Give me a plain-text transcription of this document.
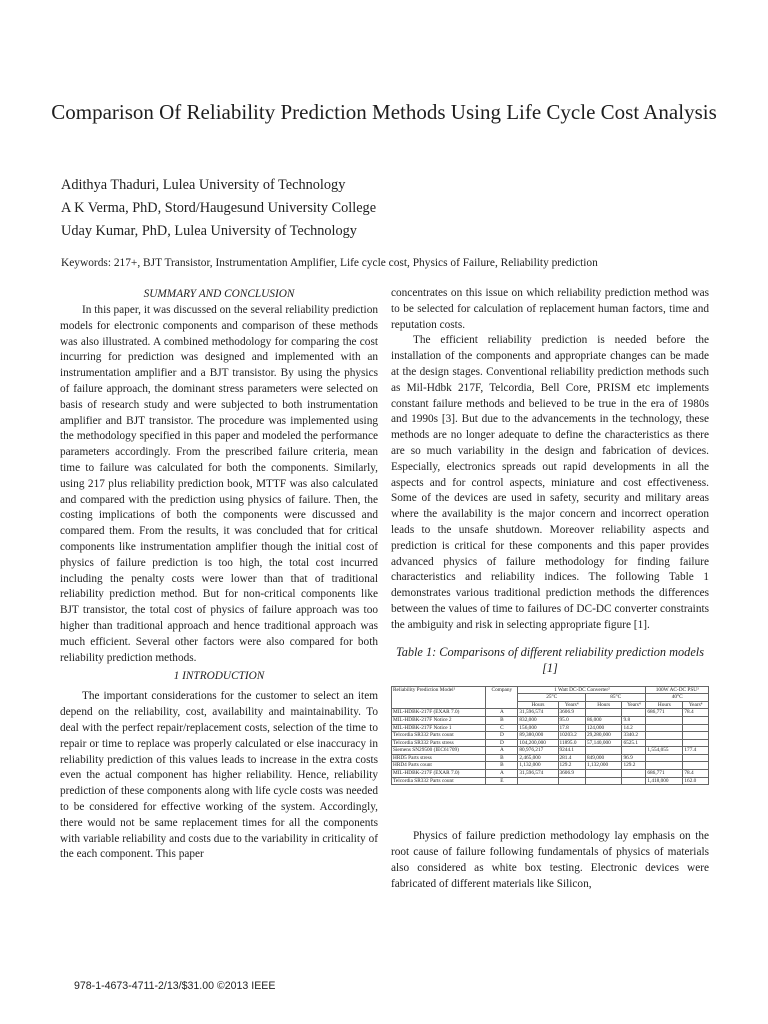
Comparison Of Reliability Prediction Methods Using Life Cycle Cost Analysis
Adithya Thaduri, Lulea University of Technology
A K Verma, PhD, Stord/Haugesund University College
Uday Kumar, PhD, Lulea University of Technology
Keywords: 217+, BJT Transistor, Instrumentation Amplifier, Life cycle cost, Physics of Failure, Reliability prediction
SUMMARY AND CONCLUSION

In this paper, it was discussed on the several reliability prediction models for electronic components and comparison of these methods was also illustrated. A combined methodology for comparing the cost incurring for prediction was designed and implemented with an instrumentation amplifier and a BJT transistor. By using the physics of failure approach, the dominant stress parameters were selected on basis of research study and were subjected to both instrumentation amplifier and BJT transistor. The procedure was implemented using the methodology specified in this paper and modeled the performance parameters accordingly. From the prescribed failure criteria, mean time to failure was calculated for both the components. Similarly, using 217 plus reliability prediction book, MTTF was also calculated and compared with the prediction using physics of failure. Then, the costing implications of both the components were discussed and compared them. From the results, it was concluded that for critical components like instrumentation amplifier though the initial cost of physics of failure prediction is too high, the total cost incurred including the penalty costs were lower than that of traditional reliability prediction method. But for non-critical components like BJT transistor, the total cost of physics of failure approach was too higher than traditional approach and hence traditional approach was much efficient. Several other factors were also compared for both reliability prediction methods.

1 INTRODUCTION

The important considerations for the customer to select an item depend on the reliability, cost, availability and maintainability. To deal with the perfect repair/replacement costs, selection of the time to repair or time to replace was properly calculated or else inaccuracy in reliability prediction of this values leads to increase in the extra costs even the actual component has higher reliability. Hence, reliability prediction of these components along with life cycle costs was needed to be considered for effective working of the system. Accordingly, there would not be same replacement times for all the components with variable reliability and costs due to the variability in criticality of the each component. This paper

concentrates on this issue on which reliability prediction method was to be selected for calculation of replacement human factors, time and reputation costs.

The efficient reliability prediction is needed before the installation of the components and appropriate changes can be made at the design stages. Conventional reliability prediction methods such as Mil-Hdbk 217F, Telcordia, Bell Core, PRISM etc implements constant failure methods and believed to be true in the era of 1980s and 1990s [3]. But due to the advancements in the technology, these methods are no longer adequate to define the characteristics as there are so much variability in the design and fabrication of devices. Especially, electronics spreads out rapid developments in all the aspects and for control aspects, miniature and cost effectiveness. Some of the devices are used in safety, security and military areas where the availability is the major concern and incorrect operation leads to the unsafe shutdown. Moreover reliability aspects and prediction is critical for these components and this paper provides advanced physics of failure methodology for finding failure characteristics and reliability indices. The following Table 1 demonstrates various traditional prediction methods the differences between the values of time to failures of DC-DC converter constraints the ambiguity and risk in selecting appropriate figure [1].

Table 1: Comparisons of different reliability prediction models [1]
Reliability Prediction Model¹	Company	1 Watt DC-DC Converter²				100W AC-DC PSU³	
		25°C		85°C		40°C	
		Hours	Years⁴	Hours	Years⁴	Hours	Years⁴
MIL-HDBK-217F (EXAR 7.0)	A	31,596,574	3606.9			686,771	78.4
MIL-HDBK-217F Notice 2	B	832,000	95.0	86,000	9.8		
MIL-HDBK-217F Notice 1	C	156,000	17.8	124,000	14.2		
Telcordia SR332 Parts count	D	89,380,000	10203.2	29,280,000	3340.2		
Telcordia SR332 Parts stress	D	104,200,000	11895.0	57,140,000	6525.1		
Siemens SN29500 (IEC61709)	A	80,976,217	9244.1			1,554,055	177.4
HRD5 Parts stress	B	2,465,000	281.4	849,000	96.9		
HRD4 Parts count	B	1,132,000	129.2	1,132,000	129.2		
MIL-HDBK-217F (EXAR 7.0)	A	31,596,574	3606.9			686,771	78.4
Telcordia SR332 Parts count	E					1,418,000	162.0

Physics of failure prediction methodology lay emphasis on the root cause of failure following fundamentals of physics of materials also considered as white box testing. Electronic devices were fabricated of different materials like Silicon,

978-1-4673-4711-2/13/$31.00 ©2013 IEEE
